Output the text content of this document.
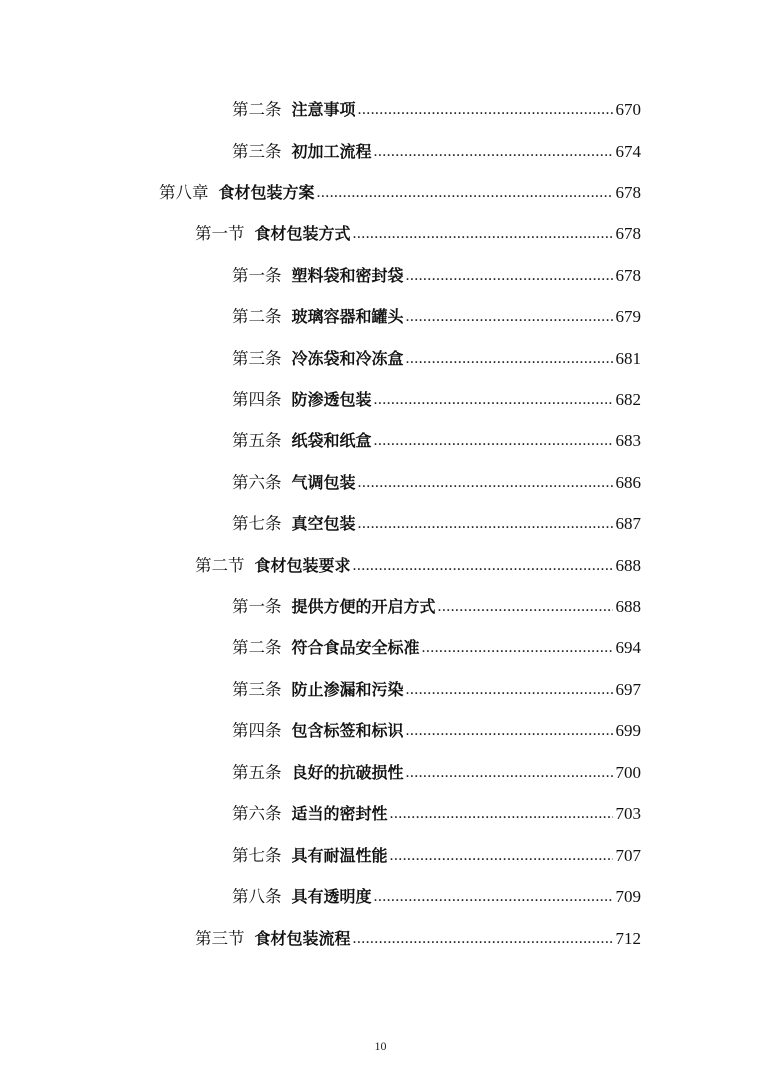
第二条 注意事项 .....	670
第三条 初加工流程 .....	674
第八章 食材包装方案 .....	678
第一节 食材包装方式 .....	678
第一条 塑料袋和密封袋 .....	678
第二条 玻璃容器和罐头 .....	679
第三条 冷冻袋和冷冻盒 .....	681
第四条 防渗透包装 .....	682
第五条 纸袋和纸盒 .....	683
第六条 气调包装 .....	686
第七条 真空包装 .....	687
第二节 食材包装要求 .....	688
第一条 提供方便的开启方式 .....	688
第二条 符合食品安全标准 .....	694
第三条 防止渗漏和污染 .....	697
第四条 包含标签和标识 .....	699
第五条 良好的抗破损性 .....	700
第六条 适当的密封性 .....	703
第七条 具有耐温性能 .....	707
第八条 具有透明度 .....	709
第三节 食材包装流程 .....	712
10
